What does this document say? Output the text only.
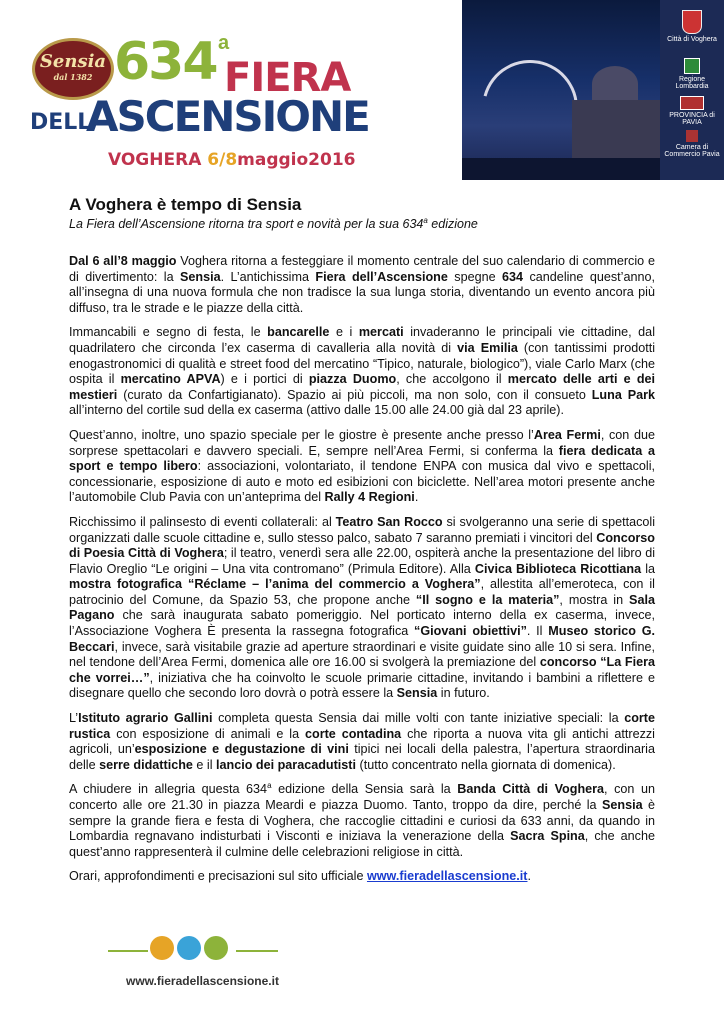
Sensia
dal 1382 634 a
FIERA
DELL'
ASCENSIONE
VOGHERA 6/8maggio2016
Città di Voghera
Regione Lombardia
PROVINCIA di PAVIA
Camera di Commercio Pavia
A Voghera è tempo di Sensia
La Fiera dell’Ascensione ritorna tra sport e novità per la sua 634$^a$ edizione

Dal 6 all’8 maggio Voghera ritorna a festeggiare il momento centrale del suo calendario di commercio e di divertimento: la Sensia. L’antichissima Fiera dell’Ascensione spegne 634 candeline quest’anno, all’insegna di una nuova formula che non tradisce la sua lunga storia, diventando un evento ancora più diffuso, tra le strade e le piazze della città.

Immancabili e segno di festa, le bancarelle e i mercati invaderanno le principali vie cittadine, dal quadrilatero che circonda l’ex caserma di cavalleria alla novità di via Emilia (con tantissimi prodotti enogastronomici di qualità e street food del mercatino “Tipico, naturale, biologico”), viale Carlo Marx (che ospita il mercatino APVA) e i portici di piazza Duomo, che accolgono il mercato delle arti e dei mestieri (curato da Confartigianato). Spazio ai più piccoli, ma non solo, con il consueto Luna Park all’interno del cortile sud della ex caserma (attivo dalle 15.00 alle 24.00 già dal 23 aprile).

Quest’anno, inoltre, uno spazio speciale per le giostre è presente anche presso l’Area Fermi, con due sorprese spettacolari e davvero speciali. E, sempre nell’Area Fermi, si conferma la fiera dedicata a sport e tempo libero: associazioni, volontariato, il tendone ENPA con musica dal vivo e spettacoli, concessionarie, esposizione di auto e moto ed esibizioni con biciclette. Nell’area motori presente anche l’automobile Club Pavia con un’anteprima del Rally 4 Regioni.

Ricchissimo il palinsesto di eventi collaterali: al Teatro San Rocco si svolgeranno una serie di spettacoli organizzati dalle scuole cittadine e, sullo stesso palco, sabato 7 saranno premiati i vincitori del Concorso di Poesia Città di Voghera; il teatro, venerdì sera alle 22.00, ospiterà anche la presentazione del libro di Flavio Oreglio “Le origini – Una vita contromano” (Primula Editore). Alla Civica Biblioteca Ricottiana la mostra fotografica “Réclame – l’anima del commercio a Voghera”, allestita all’emeroteca, con il patrocinio del Comune, da Spazio 53, che propone anche “Il sogno e la materia”, mostra in Sala Pagano che sarà inaugurata sabato pomeriggio. Nel porticato interno della ex caserma, invece, l’Associazione Voghera È presenta la rassegna fotografica “Giovani obiettivi”. Il Museo storico G. Beccari, invece, sarà visitabile grazie ad aperture straordinari e visite guidate sino alle 10 si sera. Infine, nel tendone dell’Area Fermi, domenica alle ore 16.00 si svolgerà la premiazione del concorso “La Fiera che vorrei…”, iniziativa che ha coinvolto le scuole primarie cittadine, invitando i bambini a riflettere e disegnare quello che secondo loro dovrà o potrà essere la Sensia in futuro.

L’Istituto agrario Gallini completa questa Sensia dai mille volti con tante iniziative speciali: la corte rustica con esposizione di animali e la corte contadina che riporta a nuova vita gli antichi attrezzi agricoli, un’esposizione e degustazione di vini tipici nei locali della palestra, l’apertura straordinaria delle serre didattiche e il lancio dei paracadutisti (tutto concentrato nella giornata di domenica).

A chiudere in allegria questa 634$^a$ edizione della Sensia sarà la Banda Città di Voghera, con un concerto alle ore 21.30 in piazza Meardi e piazza Duomo. Tanto, troppo da dire, perché la Sensia è sempre la grande fiera e festa di Voghera, che raccoglie cittadini e curiosi da 633 anni, da quando in Lombardia regnavano indisturbati i Visconti e iniziava la venerazione della Sacra Spina, che anche quest’anno rappresenterà il culmine delle celebrazioni religiose in città.

Orari, approfondimenti e precisazioni sul sito ufficiale www.fieradellascensione.it.

www.fieradellascensione.it
